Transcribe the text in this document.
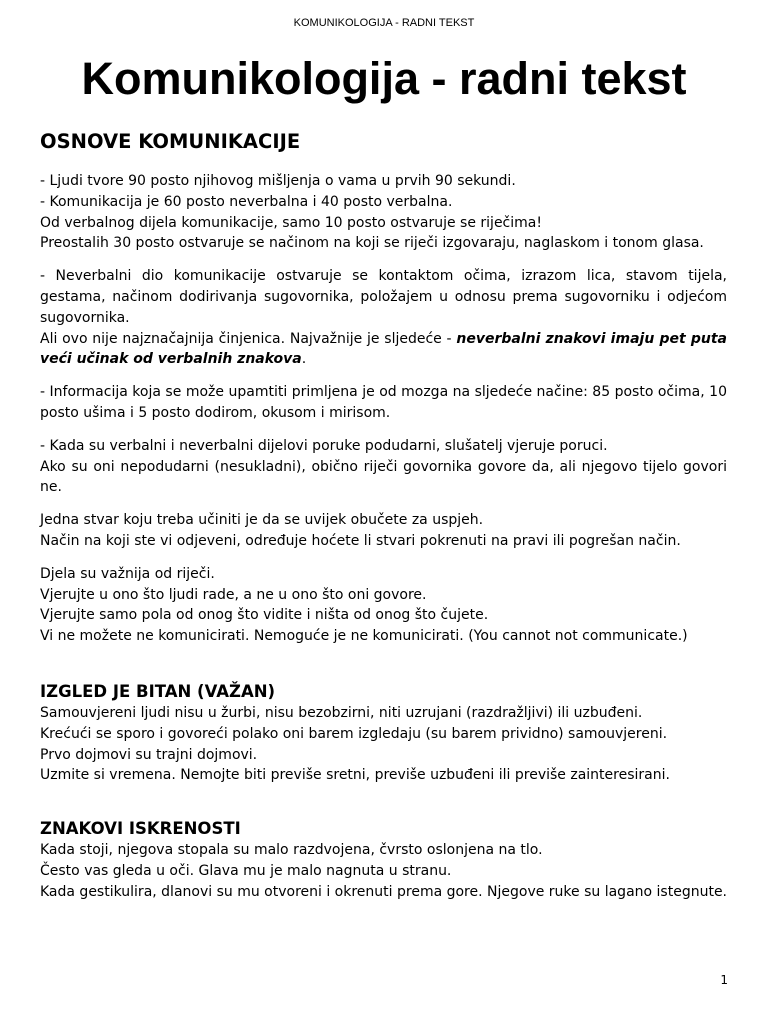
KOMUNIKOLOGIJA - RADNI TEKST
Komunikologija - radni tekst
OSNOVE KOMUNIKACIJE

- Ljudi tvore 90 posto njihovog mišljenja o vama u prvih 90 sekundi.
- Komunikacija je 60 posto neverbalna i 40 posto verbalna.
Od verbalnog dijela komunikacije, samo 10 posto ostvaruje se riječima!
Preostalih 30 posto ostvaruje se načinom na koji se riječi izgovaraju, naglaskom i tonom glasa.

- Neverbalni dio komunikacije ostvaruje se kontaktom očima, izrazom lica, stavom tijela, gestama, načinom dodirivanja sugovornika, položajem u odnosu prema sugovorniku i odjećom sugovornika.
Ali ovo nije najznačajnija činjenica. Najvažnije je sljedeće - neverbalni znakovi imaju pet puta veći učinak od verbalnih znakova.

- Informacija koja se može upamtiti primljena je od mozga na sljedeće načine: 85 posto očima, 10 posto ušima i 5 posto dodirom, okusom i mirisom.

- Kada su verbalni i neverbalni dijelovi poruke podudarni, slušatelj vjeruje poruci.
Ako su oni nepodudarni (nesukladni), obično riječi govornika govore da, ali njegovo tijelo govori ne.

Jedna stvar koju treba učiniti je da se uvijek obučete za uspjeh.
Način na koji ste vi odjeveni, određuje hoćete li stvari pokrenuti na pravi ili pogrešan način.

Djela su važnija od riječi.
Vjerujte u ono što ljudi rade, a ne u ono što oni govore.
Vjerujte samo pola od onog što vidite i ništa od onog što čujete.
Vi ne možete ne komunicirati. Nemoguće je ne komunicirati. (You cannot not communicate.)

IZGLED JE BITAN (VAŽAN)

Samouvjereni ljudi nisu u žurbi, nisu bezobzirni, niti uzrujani (razdražljivi) ili uzbuđeni.
Krećući se sporo i govoreći polako oni barem izgledaju (su barem prividno) samouvjereni.
Prvo dojmovi su trajni dojmovi.
Uzmite si vremena. Nemojte biti previše sretni, previše uzbuđeni ili previše zainteresirani.

ZNAKOVI ISKRENOSTI

Kada stoji, njegova stopala su malo razdvojena, čvrsto oslonjena na tlo.
Često vas gleda u oči. Glava mu je malo nagnuta u stranu.
Kada gestikulira, dlanovi su mu otvoreni i okrenuti prema gore. Njegove ruke su lagano istegnute.

1
